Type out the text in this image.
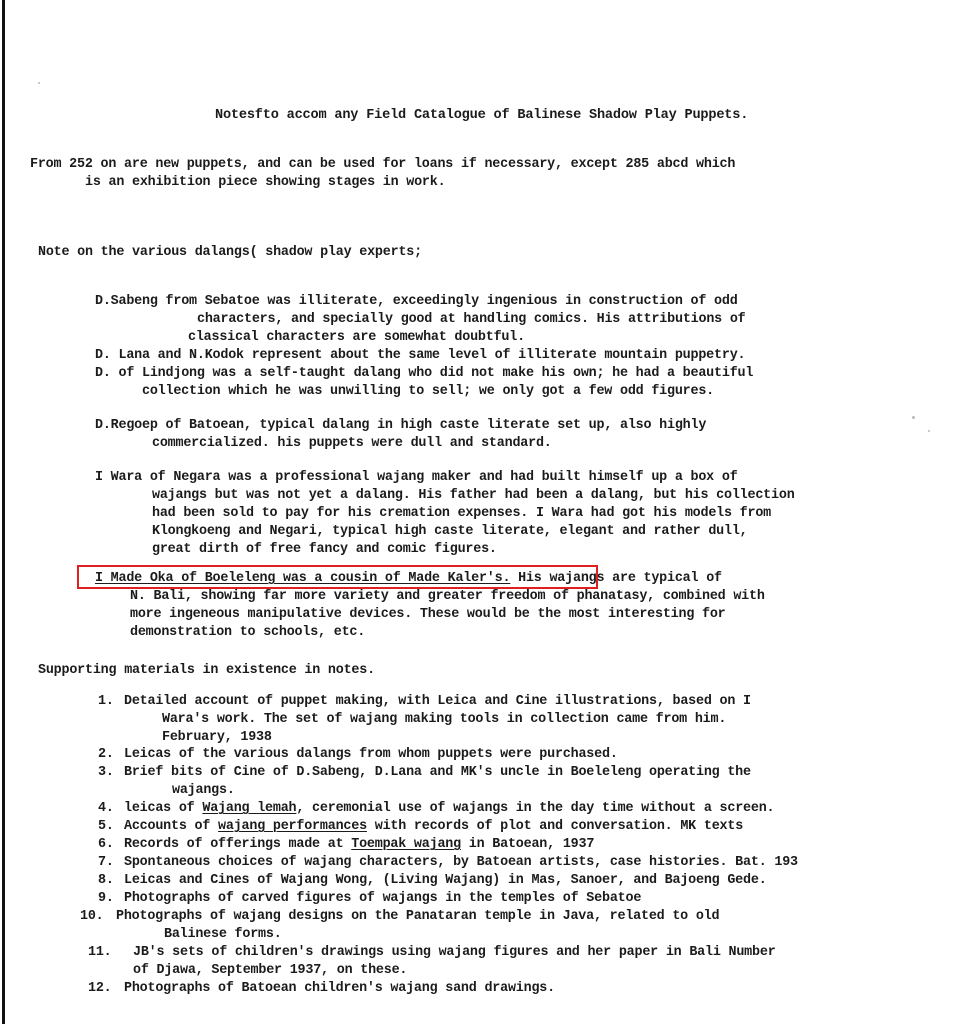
Notesfto accom any Field Catalogue of Balinese Shadow Play Puppets.
From 252 on are new puppets, and can be used for loans if necessary, except 285 abcd which
is an exhibition piece showing stages in work.
Note on the various dalangs( shadow play experts;
D.Sabeng from Sebatoe was illiterate, exceedingly ingenious in construction of odd
characters, and specially good at handling comics. His attributions of
classical characters are somewhat doubtful.
D. Lana and N.Kodok represent about the same level of illiterate mountain puppetry.
D. of Lindjong was a self-taught dalang who did not make his own; he had a beautiful
collection which he was unwilling to sell; we only got a few odd figures.
D.Regoep of Batoean, typical dalang in high caste literate set up, also highly
commercialized. his puppets were dull and standard.
I Wara of Negara was a professional wajang maker and had built himself up a box of
wajangs but was not yet a dalang. His father had been a dalang, but his collection
had been sold to pay for his cremation expenses. I Wara had got his models from
Klongkoeng and Negari, typical high caste literate, elegant and rather dull,
great dirth of free fancy and comic figures.
I Made Oka of Boeleleng was a cousin of Made Kaler's. His wajangs are typical of
N. Bali, showing far more variety and greater freedom of phanatasy, combined with
more ingeneous manipulative devices. These would be the most interesting for
demonstration to schools, etc.
Supporting materials in existence in notes.
1. Detailed account of puppet making, with Leica and Cine illustrations, based on I
Wara's work. The set of wajang making tools in collection came from him.
February, 1938
2. Leicas of the various dalangs from whom puppets were purchased.
3. Brief bits of Cine of D.Sabeng, D.Lana and MK's uncle in Boeleleng operating the
wajangs.
4. leicas of Wajang lemah, ceremonial use of wajangs in the day time without a screen.
5. Accounts of wajang performances with records of plot and conversation. MK texts
6. Records of offerings made at Toempak wajang in Batoean, 1937
7. Spontaneous choices of wajang characters, by Batoean artists, case histories. Bat. 193
8. Leicas and Cines of Wajang Wong, (Living Wajang) in Mas, Sanoer, and Bajoeng Gede.
9. Photographs of carved figures of wajangs in the temples of Sebatoe
10. Photographs of wajang designs on the Panataran temple in Java, related to old
Balinese forms.
11. JB's sets of children's drawings using wajang figures and her paper in Bali Number
of Djawa, September 1937, on these.
12. Photographs of Batoean children's wajang sand drawings.
